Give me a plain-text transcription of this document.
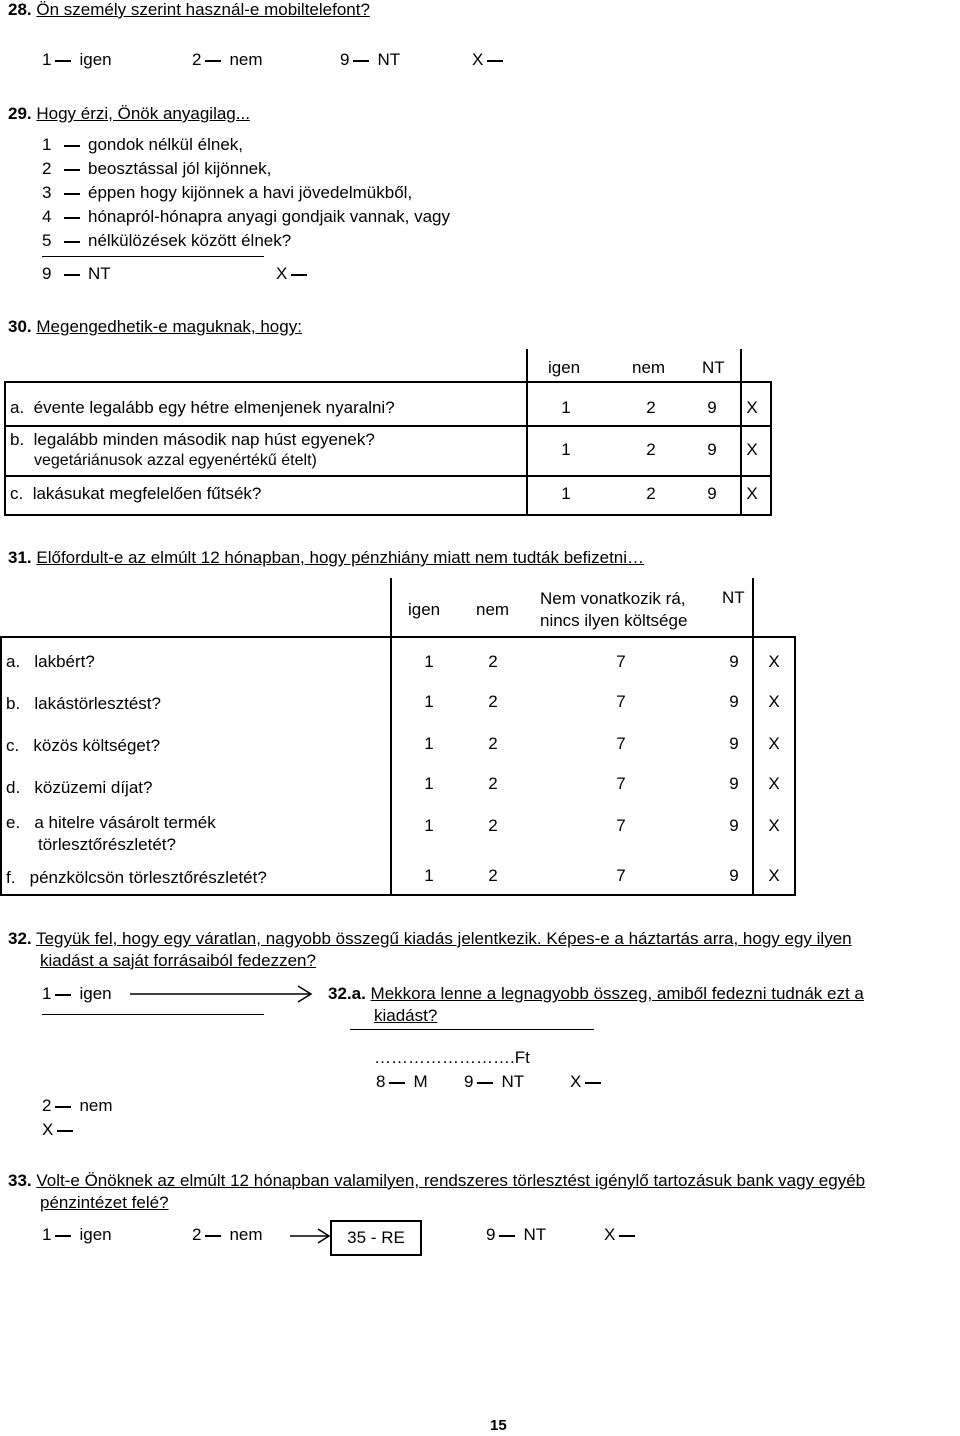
28. Ön személy szerint használ-e mobiltelefont?
1 igen	2 nem	9 NT	X
29. Hogy érzi, Önök anyagilag...
1 gondok nélkül élnek,
2 beosztással jól kijönnek,
3 éppen hogy kijönnek a havi jövedelmükből,
4 hónapról-hónapra anyagi gondjaik vannak, vagy
5 nélkülözések között élnek?
9 NT	X
30. Megengedhetik-e maguknak, hogy:
igen	nem NT
a. évente legalább egy hétre elmenjenek nyaralni?	1	2	9	X
b. legalább minden második nap húst egyenek?
vegetáriánusok azzal egyenértékű ételt)
1	2	9	X
c. lakásukat megfelelően fűtsék?	1	2	9	X
31. Előfordult-e az elmúlt 12 hónapban, hogy pénzhiány miatt nem tudták befizetni…
igen nem
Nem vonatkozik rá,
nincs ilyen költsége
NT
a. lakbért?	1	2	7	9	X
b. lakástörlesztést?	1	2	7	9	X
c. közös költséget?	1	2	7	9	X
d. közüzemi díjat?	1	2	7	9	X
e. a hitelre vásárolt termék
törlesztőrészletét?
1	2	7	9	X
f. pénzkölcsön törlesztőrészletét?	1	2	7	9	X
32. Tegyük fel, hogy egy váratlan, nagyobb összegű kiadás jelentkezik. Képes-e a háztartás arra, hogy egy ilyen
kiadást a saját forrásaiból fedezzen?
1 igen	32.a. Mekkora lenne a legnagyobb összeg, amiből fedezni tudnák ezt a
kiadást?
…………………….Ft
8 M 9 NT	X
2 nem
X
33. Volt-e Önöknek az elmúlt 12 hónapban valamilyen, rendszeres törlesztést igénylő tartozásuk bank vagy egyéb
pénzintézet felé?
1 igen	2 nem	35 - RE	9 NT	X
15
